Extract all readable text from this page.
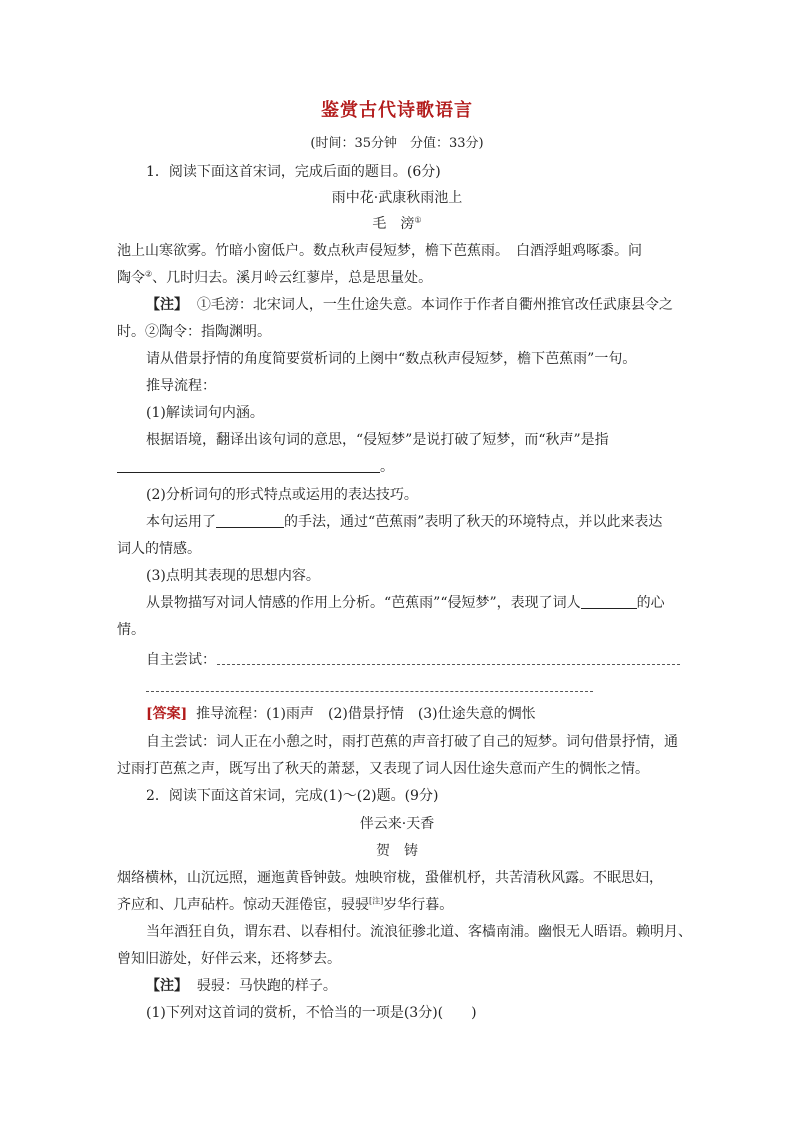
鉴赏古代诗歌语言
(时间：35分钟　分值：33分)
1．阅读下面这首宋词，完成后面的题目。(6分)
雨中花·武康秋雨池上
毛　滂①
池上山寒欲雾。竹暗小窗低户。数点秋声侵短梦，檐下芭蕉雨。　白酒浮蛆鸡啄黍。问
陶令②、几时归去。溪月岭云红蓼岸，总是思量处。
【注】 ①毛滂：北宋词人，一生仕途失意。本词作于作者自衢州推官改任武康县令之
时。②陶令：指陶渊明。
请从借景抒情的角度简要赏析词的上阕中“数点秋声侵短梦，檐下芭蕉雨”一句。
推导流程：
(1)解读词句内涵。
根据语境，翻译出该句词的意思，“侵短梦”是说打破了短梦，而“秋声”是指
。
(2)分析词句的形式特点或运用的表达技巧。
本句运用了	的手法，通过“芭蕉雨”表明了秋天的环境特点，并以此来表达
词人的情感。
(3)点明其表现的思想内容。
从景物描写对词人情感的作用上分析。“芭蕉雨”“侵短梦”，表现了词人	的心
情。
自主尝试：
[答案] 推导流程：(1)雨声　(2)借景抒情　(3)仕途失意的惆怅
自主尝试：词人正在小憩之时，雨打芭蕉的声音打破了自己的短梦。词句借景抒情，通
过雨打芭蕉之声，既写出了秋天的萧瑟，又表现了词人因仕途失意而产生的惆怅之情。
2．阅读下面这首宋词，完成(1)～(2)题。(9分)
伴云来·天香
贺　铸
烟络横林，山沉远照，逦迤黄昏钟鼓。烛映帘栊，蛩催机杼，共苦清秋风露。不眠思妇，
齐应和、几声砧杵。惊动天涯倦宦，骎骎[注]岁华行暮。
当年酒狂自负，谓东君、以春相付。流浪征骖北道、客樯南浦。幽恨无人晤语。赖明月、
曾知旧游处，好伴云来，还将梦去。
【注】 骎骎：马快跑的样子。
(1)下列对这首词的赏析，不恰当的一项是(3分)(　　)
